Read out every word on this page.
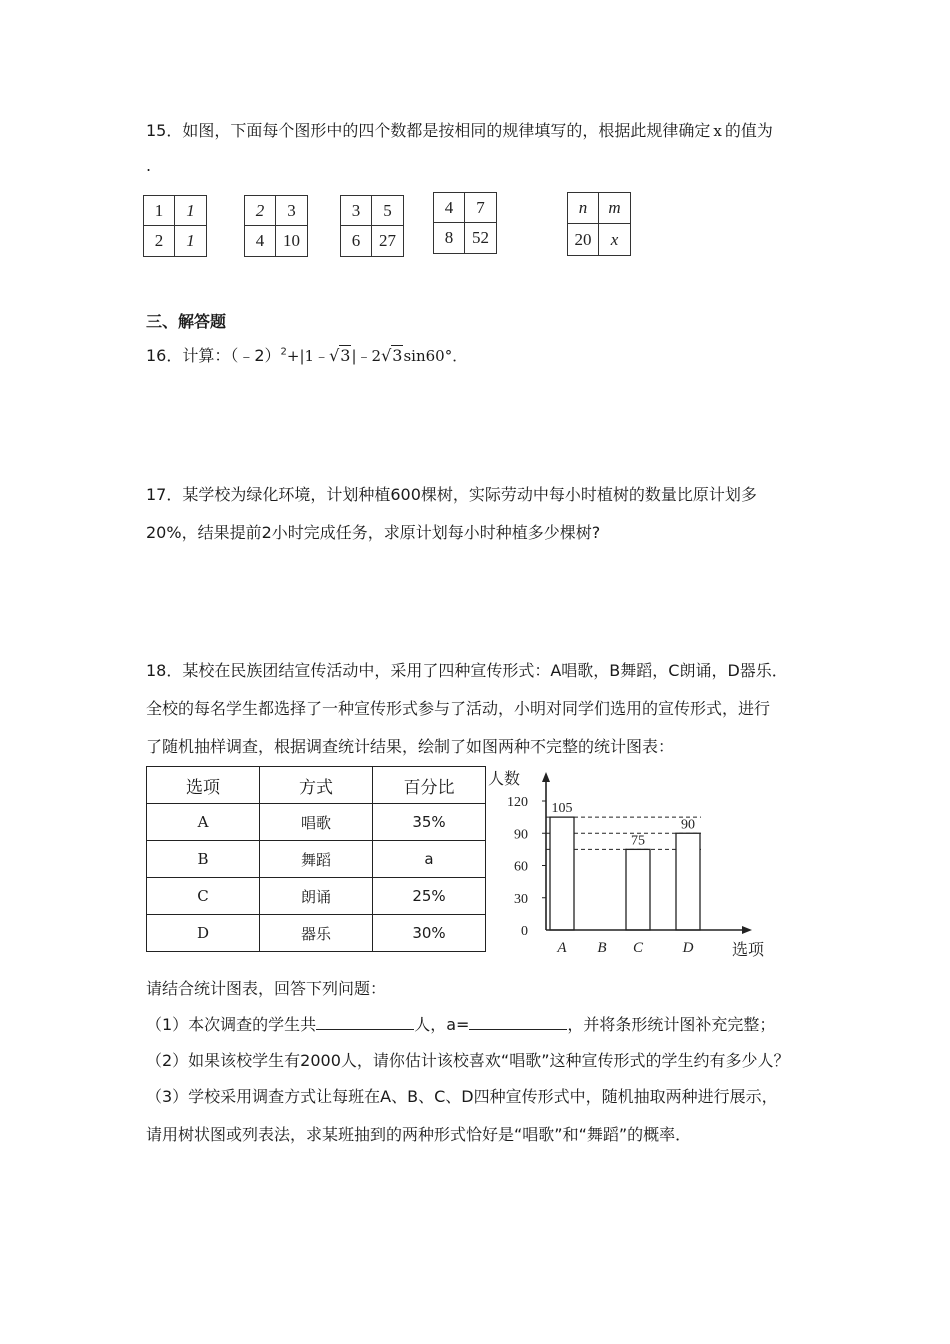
15．如图，下面每个图形中的四个数都是按相同的规律填写的，根据此规律确定 x 的值为
.
1	1
2	1
2	3
4	10
3	5
6	27
4	7
8	52
n	m
20	x
三、解答题
16．计算：（﹣2）$^2$+|1﹣√3|﹣2√3sin60°．
17．某学校为绿化环境，计划种植600棵树，实际劳动中每小时植树的数量比原计划多
20%，结果提前2小时完成任务，求原计划每小时种植多少棵树?
18．某校在民族团结宣传活动中，采用了四种宣传形式：A唱歌，B舞蹈，C朗诵，D器乐．
全校的每名学生都选择了一种宣传形式参与了活动，小明对同学们选用的宣传形式，进行
了随机抽样调查，根据调查统计结果，绘制了如图两种不完整的统计图表：
选项	方式	百分比
A	唱歌	35%
B	舞蹈	a
C	朗诵	25%
D	器乐	30%	0
30
60
90
120
人数
A B C	D 选项
105
75
90
请结合统计图表，回答下列问题：
（1）本次调查的学生共	人，a=	，并将条形统计图补充完整；
（2）如果该校学生有2000人，请你估计该校喜欢“唱歌”这种宣传形式的学生约有多少人？
（3）学校采用调查方式让每班在A、B、C、D四种宣传形式中，随机抽取两种进行展示，
请用树状图或列表法，求某班抽到的两种形式恰好是“唱歌”和“舞蹈”的概率．
